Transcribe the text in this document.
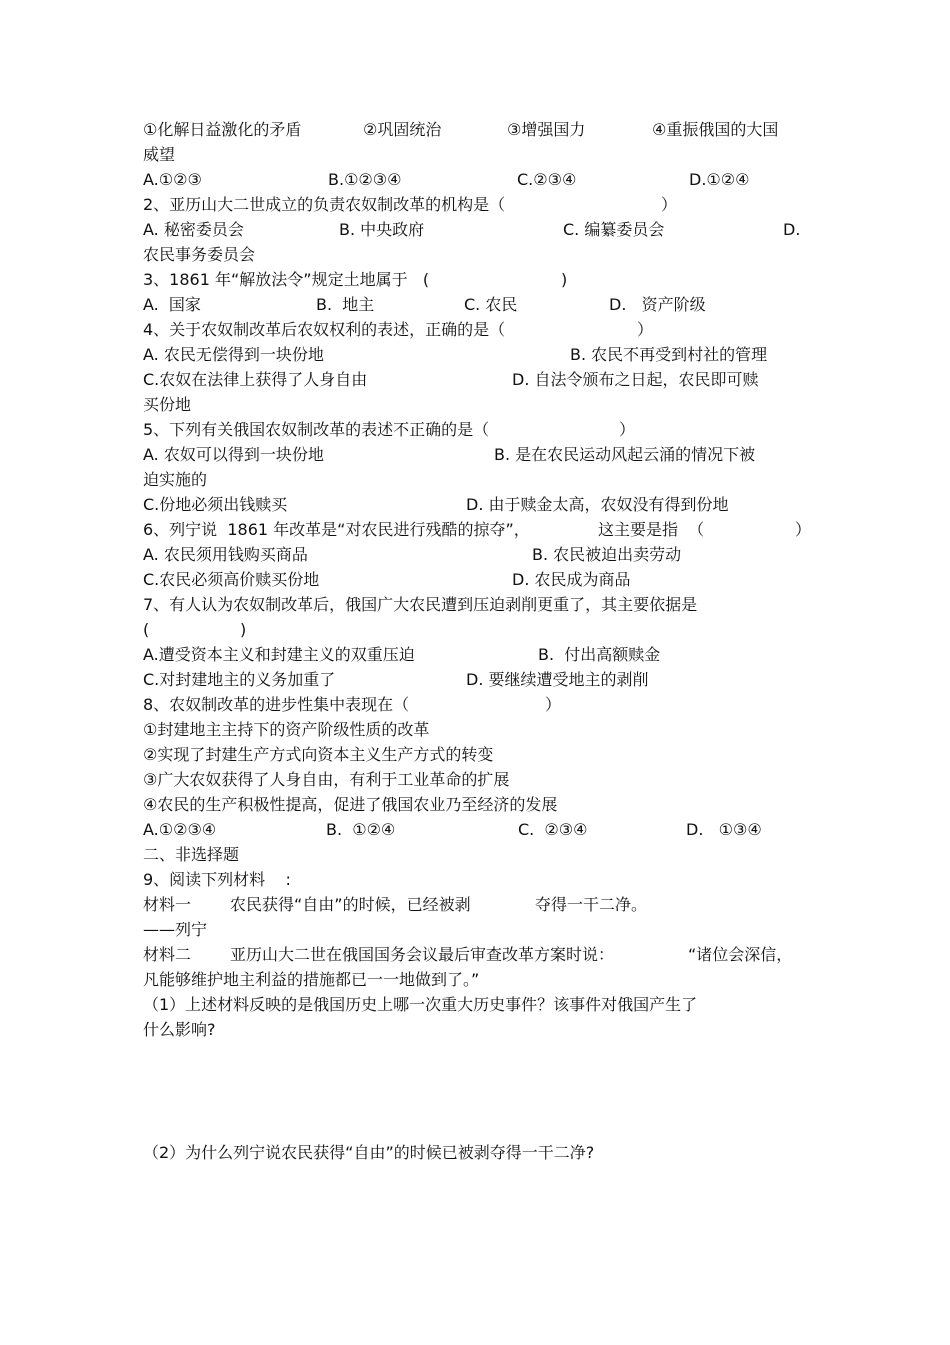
①化解日益激化的矛盾

	②巩固统治

	③增强国力

	④重振俄国的大国

威望

A.①②③

	B.①②③④

	C.②③④

	D.①②④

2、亚历山大二世成立的负责农奴制改革的机构是（

	）

A. 秘密委员会

	B. 中央政府

	C. 编纂委员会

	D.

农民事务委员会

3、1861 年“解放法令”规定土地属于   (

	)

A.  国家

	B.  地主

	C. 农民

	D.   资产阶级

4、关于农奴制改革后农奴权利的表述，正确的是（

	）

A. 农民无偿得到一块份地

	B. 农民不再受到村社的管理

C.农奴在法律上获得了人身自由

	D. 自法令颁布之日起，农民即可赎

买份地

5、下列有关俄国农奴制改革的表述不正确的是（

	）

A. 农奴可以得到一块份地

	B. 是在农民运动风起云涌的情况下被

迫实施的

C.份地必须出钱赎买

	D. 由于赎金太高，农奴没有得到份地

6、列宁说  1861 年改革是“对农民进行残酷的掠夺”，

	这主要是指  （

	）

A. 农民须用钱购买商品

	B. 农民被迫出卖劳动

C.农民必须高价赎买份地

	D. 农民成为商品

7、有人认为农奴制改革后，俄国广大农民遭到压迫剥削更重了，其主要依据是

(

	)

A.遭受资本主义和封建主义的双重压迫

	B.  付出高额赎金

C.对封建地主的义务加重了

	D. 要继续遭受地主的剥削

8、农奴制改革的进步性集中表现在（

	）

①封建地主主持下的资产阶级性质的改革
②实现了封建生产方式向资本主义生产方式的转变
③广大农奴获得了人身自由，有利于工业革命的扩展
④农民的生产积极性提高，促进了俄国农业乃至经济的发展

A.①②③④

	B.  ①②④

	C.  ②③④

	D.   ①③④

二、非选择题
9、阅读下列材料    :

材料一

农民获得“自由”的时候，已经被剥

	夺得一干二净。

——列宁

材料二

亚历山大二世在俄国国务会议最后审查改革方案时说：

	“诸位会深信，

凡能够维护地主利益的措施都已一一地做到了。”
（1）上述材料反映的是俄国历史上哪一次重大历史事件？该事件对俄国产生了
什么影响?
（2）为什么列宁说农民获得“自由”的时候已被剥夺得一干二净?
